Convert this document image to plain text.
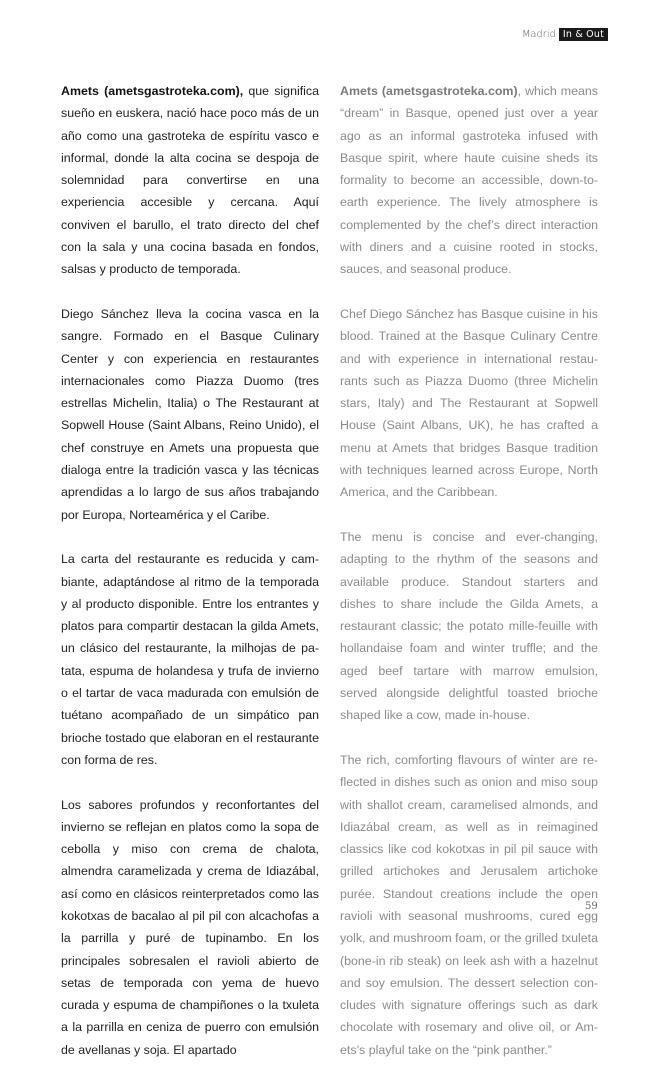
Madrid In & Out

Amets (ametsgastroteka.com), que significa sueño en euskera, nació hace poco más de un año como una gastroteka de espíritu vasco e informal, donde la alta cocina se despoja de solemnidad para convertirse en una experiencia accesible y cercana. Aquí conviven el barullo, el trato directo del chef con la sala y una cocina basada en fondos, salsas y producto de temporada.

Diego Sánchez lleva la cocina vasca en la sangre. Formado en el Basque Culinary Center y con experiencia en restaurantes internacionales como Piazza Duomo (tres estrellas Michelin, Italia) o The Restaurant at Sopwell House (Saint Albans, Reino Unido), el chef construye en Amets una propuesta que dialoga entre la tradición vasca y las técnicas aprendidas a lo largo de sus años trabajando por Europa, Norteamérica y el Caribe.

La carta del restaurante es reducida y cambiante, adaptándose al ritmo de la temporada y al producto disponible. Entre los entrantes y platos para compartir destacan la gilda Amets, un clásico del restaurante, la milhojas de patata, espuma de holandesa y trufa de invierno o el tartar de vaca madurada con emulsión de tuétano acompañado de un simpático pan brioche tostado que elaboran en el restaurante con forma de res.

Los sabores profundos y reconfortantes del invierno se reflejan en platos como la sopa de cebolla y miso con crema de chalota, almendra caramelizada y crema de Idiazábal, así como en clásicos reinterpretados como las kokotxas de bacalao al pil pil con alcachofas a la parrilla y puré de tupinambo. En los principales sobresalen el ravioli abierto de setas de temporada con yema de huevo curada y espuma de champiñones o la txuleta a la parrilla en ceniza de puerro con emulsión de avellanas y soja. El apartado

Amets (ametsgastroteka.com), which means “dream” in Basque, opened just over a year ago as an informal gastroteka infused with Basque spirit, where haute cuisine sheds its formality to become an accessible, down-to-earth experience. The lively atmosphere is complemented by the chef’s direct interaction with diners and a cuisine rooted in stocks, sauces, and seasonal produce.

Chef Diego Sánchez has Basque cuisine in his blood. Trained at the Basque Culinary Centre and with experience in international restaurants such as Piazza Duomo (three Michelin stars, Italy) and The Restaurant at Sopwell House (Saint Albans, UK), he has crafted a menu at Amets that bridges Basque tradition with techniques learned across Europe, North America, and the Caribbean.

The menu is concise and ever-changing, adapting to the rhythm of the seasons and available produce. Standout starters and dishes to share include the Gilda Amets, a restaurant classic; the potato mille-feuille with hollandaise foam and winter truffle; and the aged beef tartare with marrow emulsion, served alongside delightful toasted brioche shaped like a cow, made in-house.

The rich, comforting flavours of winter are reflected in dishes such as onion and miso soup with shallot cream, caramelised almonds, and Idiazábal cream, as well as in reimagined classics like cod kokotxas in pil pil sauce with grilled artichokes and Jerusalem artichoke purée. Standout creations include the open ravioli with seasonal mushrooms, cured egg yolk, and mushroom foam, or the grilled txuleta (bone-in rib steak) on leek ash with a hazelnut and soy emulsion. The dessert selection concludes with signature offerings such as dark chocolate with rosemary and olive oil, or Amets’s playful take on the “pink panther.”

59
